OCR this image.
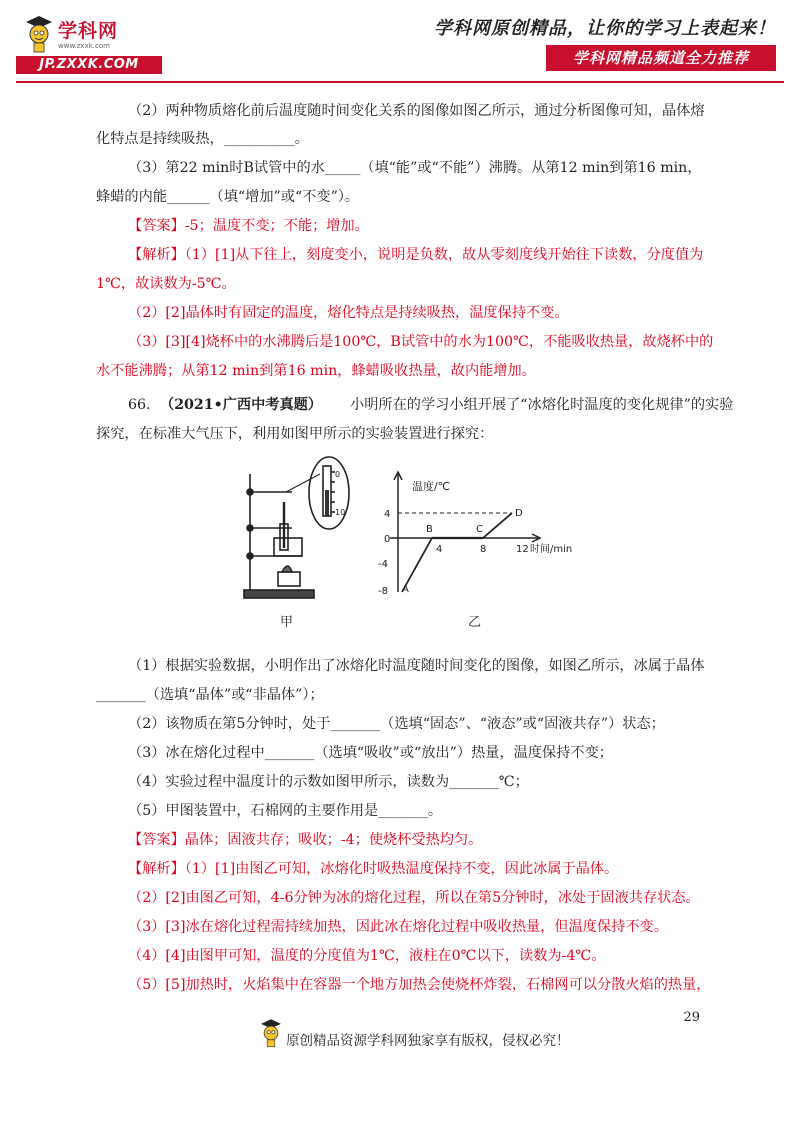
学科网
www.zxxk.com
JP.ZXXK.COM
学科网原创精品，让你的学习上表起来！
学科网精品频道全力推荐
（2）两种物质熔化前后温度随时间变化关系的图像如图乙所示，通过分析图像可知，晶体熔
化特点是持续吸热，__________。
（3）第22 min时B试管中的水_____（填“能”或“不能”）沸腾。从第12 min到第16 min，
蜂蜡的内能______（填“增加”或“不变”）。
【答案】-5；温度不变；不能；增加。
【解析】（1）[1]从下往上，刻度变小，说明是负数，故从零刻度线开始往下读数，分度值为
1℃，故读数为-5℃。
（2）[2]晶体时有固定的温度，熔化特点是持续吸热，温度保持不变。
（3）[3][4]烧杯中的水沸腾后是100℃，B试管中的水为100℃，不能吸收热量，故烧杯中的
水不能沸腾；从第12 min到第16 min，蜂蜡吸收热量，故内能增加。
66. （2021•广西中考真题） 小明所在的学习小组开展了“冰熔化时温度的变化规律”的实验
探究，在标准大气压下，利用如图甲所示的实验装置进行探究：
0
10
甲
温度/℃
4
0
-4
-8
4	8	12 时间/min
A
B	C
D
乙
（1）根据实验数据，小明作出了冰熔化时温度随时间变化的图像，如图乙所示，冰属于晶体
_______（选填“晶体”或“非晶体”）；
（2）该物质在第5分钟时，处于_______（选填“固态”、“液态”或“固液共存”）状态；
（3）冰在熔化过程中_______（选填“吸收”或“放出”）热量，温度保持不变；
（4）实验过程中温度计的示数如图甲所示，读数为_______℃；
（5）甲图装置中，石棉网的主要作用是_______。
【答案】晶体；固液共存；吸收；-4；使烧杯受热均匀。
【解析】（1）[1]由图乙可知，冰熔化时吸热温度保持不变，因此冰属于晶体。
（2）[2]由图乙可知，4-6分钟为冰的熔化过程，所以在第5分钟时，冰处于固液共存状态。
（3）[3]冰在熔化过程需持续加热，因此冰在熔化过程中吸收热量，但温度保持不变。
（4）[4]由图甲可知，温度的分度值为1℃，液柱在0℃以下，读数为-4℃。
（5）[5]加热时，火焰集中在容器一个地方加热会使烧杯炸裂，石棉网可以分散火焰的热量，
29
原创精品资源学科网独家享有版权，侵权必究！
